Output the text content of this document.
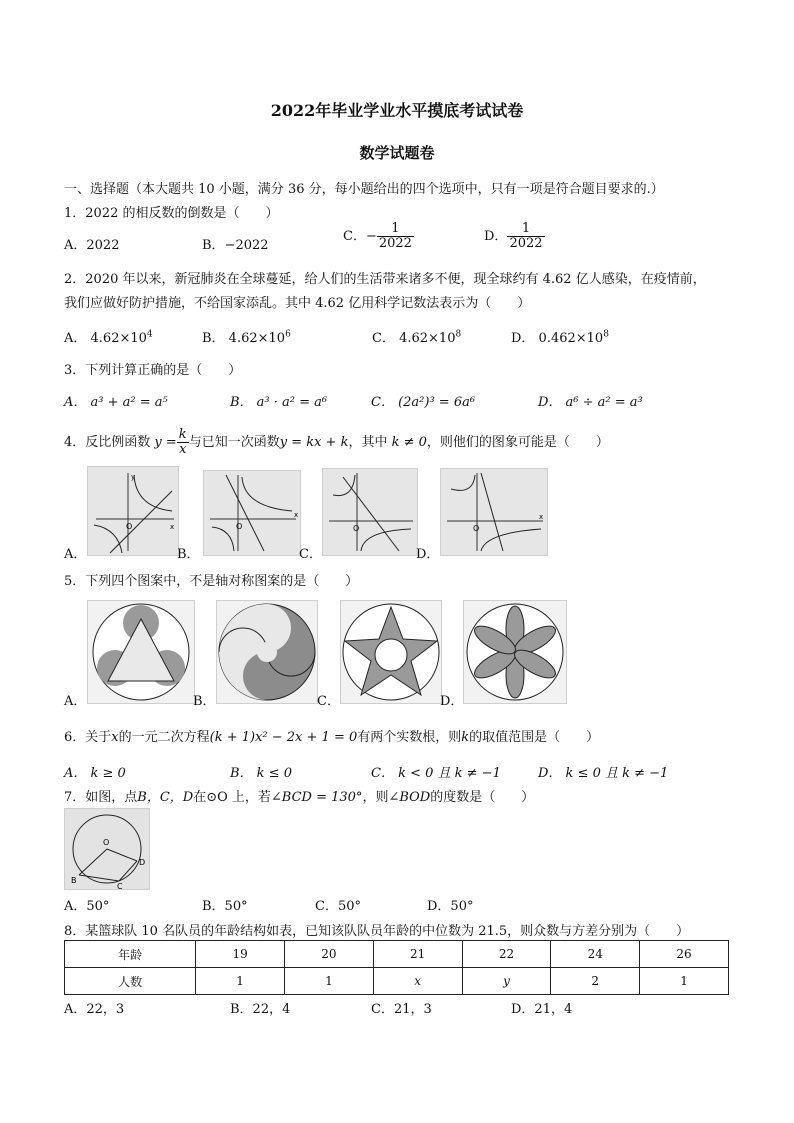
2022年毕业学业水平摸底考试试卷
数学试题卷
一、选择题（本大题共 10 小题，满分 36 分，每小题给出的四个选项中，只有一项是符合题目要求的.）
1．2022 的相反数的倒数是（　　）
A．2022	B．−2022
C．− $\frac{1}{2022}$	D． $\frac{1}{2022}$
2．2020 年以来，新冠肺炎在全球蔓延，给人们的生活带来诸多不便，现全球约有 4.62 亿人感染，在疫情前，
我们应做好防护措施，不给国家添乱。其中 4.62 亿用科学记数法表示为（　　）
A． $4.62\times 10^4$	B． $4.62\times 10^6$	C． $4.62\times 10^8$	D． $0.462\times 10^8$
3．下列计算正确的是（　　）
A． a³ + a² = a⁵	B． a³ · a² = a⁶	C． (2a²)³ = 6a⁶	D． a⁶ ÷ a² = a³
4．反比例函数 $y = \frac{k}{x}$ 与已知一次函数y = kx + k，其中 k ≠ 0，则他们的图象可能是（　　）
O	x
y
O
x
O	O
x
A．	B．	C．	D．
5．下列四个图案中，不是轴对称图案的是（　　）
A．	B．	C．	D．
6．关于x的一元二次方程(k + 1)x² − 2x + 1 = 0有两个实数根，则k的取值范围是（　　）
A． k ≥ 0	B． k ≤ 0	C． k < 0 且 k ≠ −1	D． k ≤ 0 且 k ≠ −1
7．如图，点B，C，D在⊙O 上，若∠BCD = 130°，则∠BOD的度数是（　　）
O
B
C
D
A．50°	B．50°	C．50°	D．50°
8．某篮球队 10 名队员的年龄结构如表，已知该队队员年龄的中位数为 21.5，则众数与方差分别为（　　）
年龄	19	20	21	22	24	26
人数	1	1	x	y	2	1
A．22，3	B．22，4	C．21，3	D．21，4
